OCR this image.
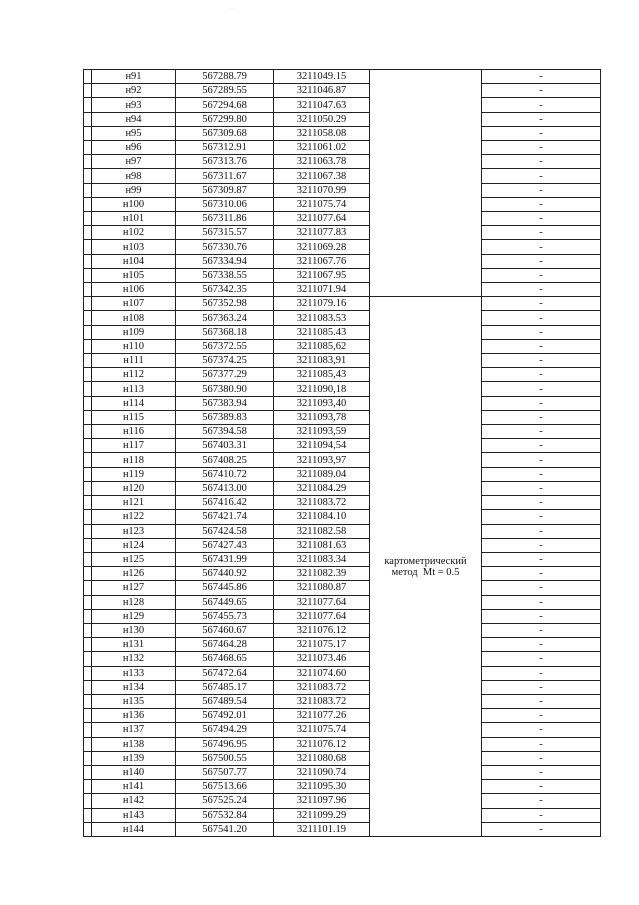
·
	н91	567288.79	3211049.15		-
	н92	567289.55	3211046.87		-
	н93	567294.68	3211047.63		-
	н94	567299.80	3211050.29		-
	н95	567309.68	3211058.08		-
	н96	567312.91	3211061.02		-
	н97	567313.76	3211063.78		-
	н98	567311.67	3211067.38		-
	н99	567309.87	3211070.99		-
	н100	567310.06	3211075.74		-
	н101	567311.86	3211077.64		-
	н102	567315.57	3211077.83		-
	н103	567330.76	3211069.28		-
	н104	567334.94	3211067.76		-
	н105	567338.55	3211067.95		-
	н106	567342.35	3211071.94		-
	н107	567352.98	3211079.16	картометрический
метод  Mt = 0.5	-
	н108	567363.24	3211083.53		-
	н109	567368.18	3211085.43		-
	н110	567372.55	3211085,62		-
	н111	567374.25	3211083,91		-
	н112	567377.29	3211085,43		-
	н113	567380.90	3211090,18		-
	н114	567383.94	3211093,40		-
	н115	567389.83	3211093,78		-
	н116	567394.58	3211093,59		-
	н117	567403.31	3211094,54		-
	н118	567408.25	3211093,97		-
	н119	567410.72	3211089.04		-
	н120	567413.00	3211084.29		-
	н121	567416.42	3211083.72		-
	н122	567421.74	3211084.10		-
	н123	567424.58	3211082.58		-
	н124	567427.43	3211081.63		-
	н125	567431.99	3211083.34		-
	н126	567440.92	3211082.39		-
	н127	567445.86	3211080.87		-
	н128	567449.65	3211077.64		-
	н129	567455.73	3211077.64		-
	н130	567460.67	3211076.12		-
	н131	567464.28	3211075.17		-
	н132	567468.65	3211073.46		-
	н133	567472.64	3211074.60		-
	н134	567485.17	3211083.72		-
	н135	567489.54	3211083.72		-
	н136	567492.01	3211077.26		-
	н137	567494.29	3211075.74		-
	н138	567496.95	3211076.12		-
	н139	567500.55	3211080.68		-
	н140	567507.77	3211090.74		-
	н141	567513.66	3211095.30		-
	н142	567525.24	3211097.96		-
	н143	567532.84	3211099.29		-
	н144	567541.20	3211101.19		-
